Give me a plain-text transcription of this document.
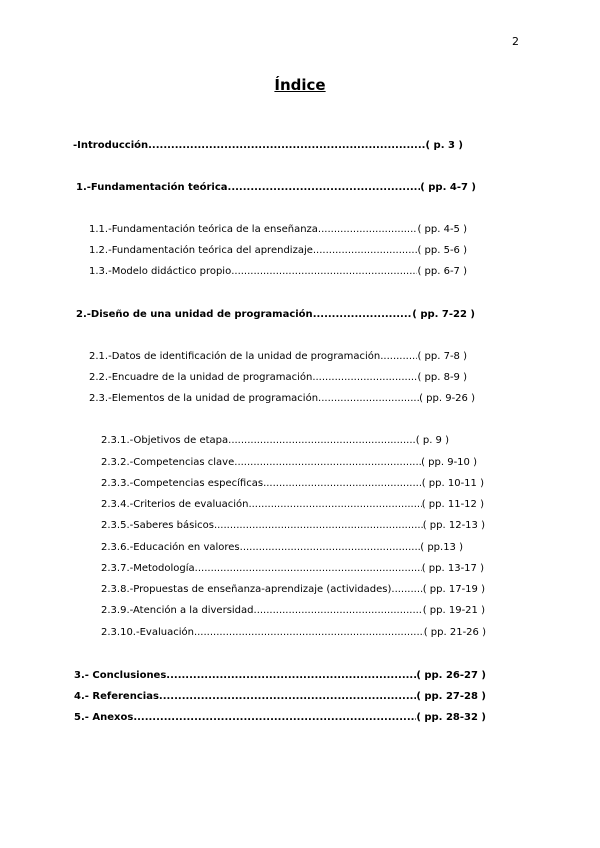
2
Índice
-Introducción .....	( p. 3 )
1.-Fundamentación teórica .....	( pp. 4-7 )
1.1.-Fundamentación teórica de la enseñanza .....	( pp. 4-5 )
1.2.-Fundamentación teórica del aprendizaje .....	( pp. 5-6 )
1.3.-Modelo didáctico propio .....	( pp. 6-7 )
2.-Diseño de una unidad de programación .....	( pp. 7-22 )
2.1.-Datos de identificación de la unidad de programación .....	( pp. 7-8 )
2.2.-Encuadre de la unidad de programación .....	( pp. 8-9 )
2.3.-Elementos de la unidad de programación .....	( pp. 9-26 )
2.3.1.-Objetivos de etapa .....	( p. 9 )
2.3.2.-Competencias clave .....	( pp. 9-10 )
2.3.3.-Competencias específicas .....	( pp. 10-11 )
2.3.4.-Criterios de evaluación .....	( pp. 11-12 )
2.3.5.-Saberes básicos .....	( pp. 12-13 )
2.3.6.-Educación en valores .....	( pp.13 )
2.3.7.-Metodología .....	( pp. 13-17 )
2.3.8.-Propuestas de enseñanza-aprendizaje (actividades) .....	( pp. 17-19 )
2.3.9.-Atención a la diversidad .....	( pp. 19-21 )
2.3.10.-Evaluación .....	( pp. 21-26 )
3.- Conclusiones .....	( pp. 26-27 )
4.- Referencias .....	( pp. 27-28 )
5.- Anexos .....	( pp. 28-32 )
